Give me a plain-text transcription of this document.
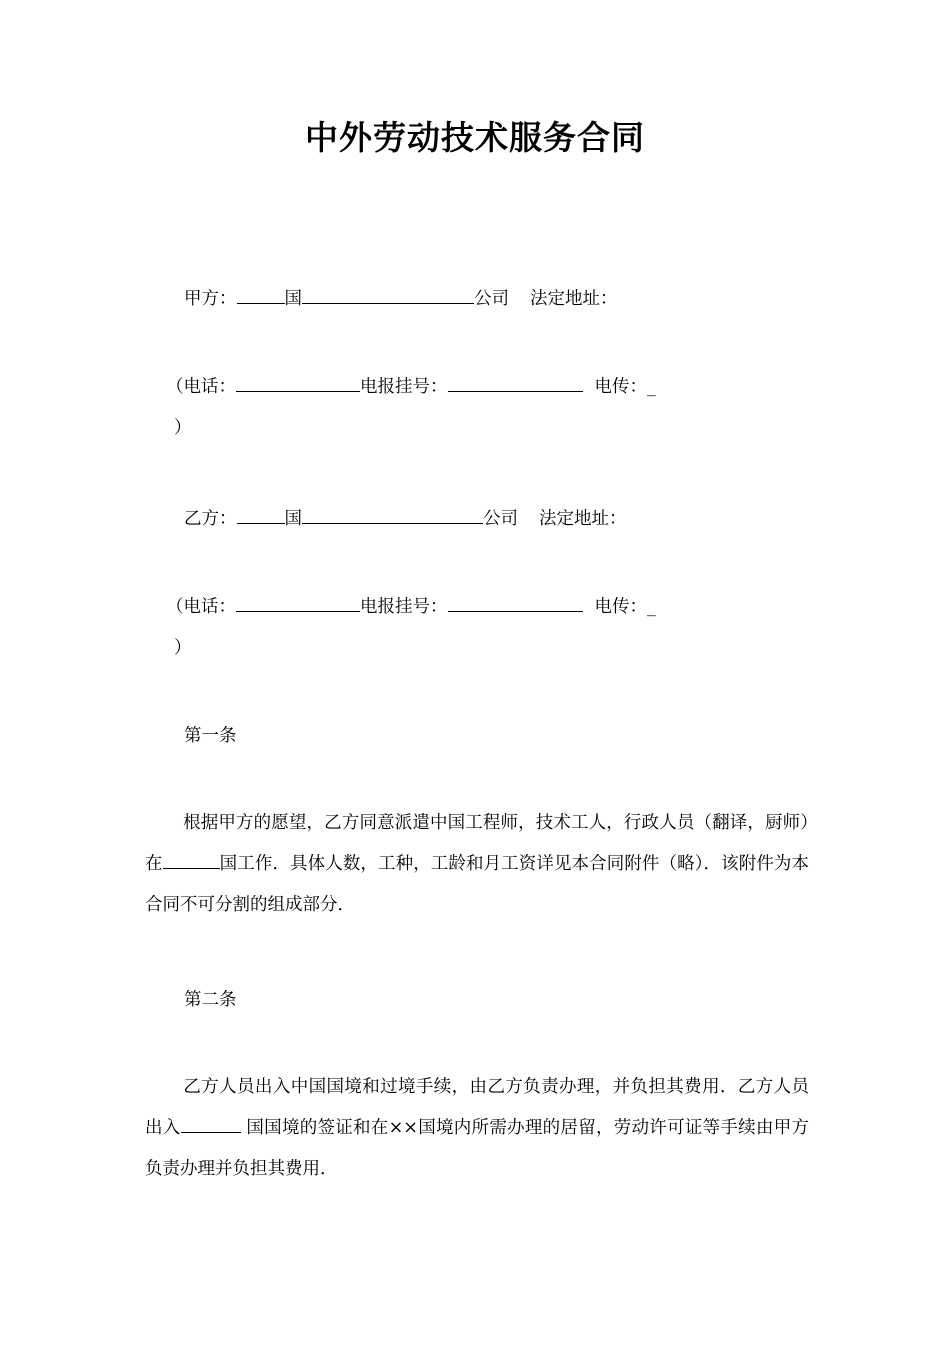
中外劳动技术服务合同
甲方：	国	公司 法定地址：
（电话：	电报挂号：	电传：_
）
乙方：	国	公司 法定地址：
（电话：	电报挂号：	电传：_
）
第一条
根据甲方的愿望，乙方同意派遣中国工程师，技术工人，行政人员（翻译，厨师）在	国工作．具体人数，工种，工龄和月工资详见本合同附件（略）．该附件为本合同不可分割的组成部分．
第二条
乙方人员出入中国国境和过境手续，由乙方负责办理，并负担其费用．乙方人员出入	国国境的签证和在××国境内所需办理的居留，劳动许可证等手续由甲方负责办理并负担其费用．
